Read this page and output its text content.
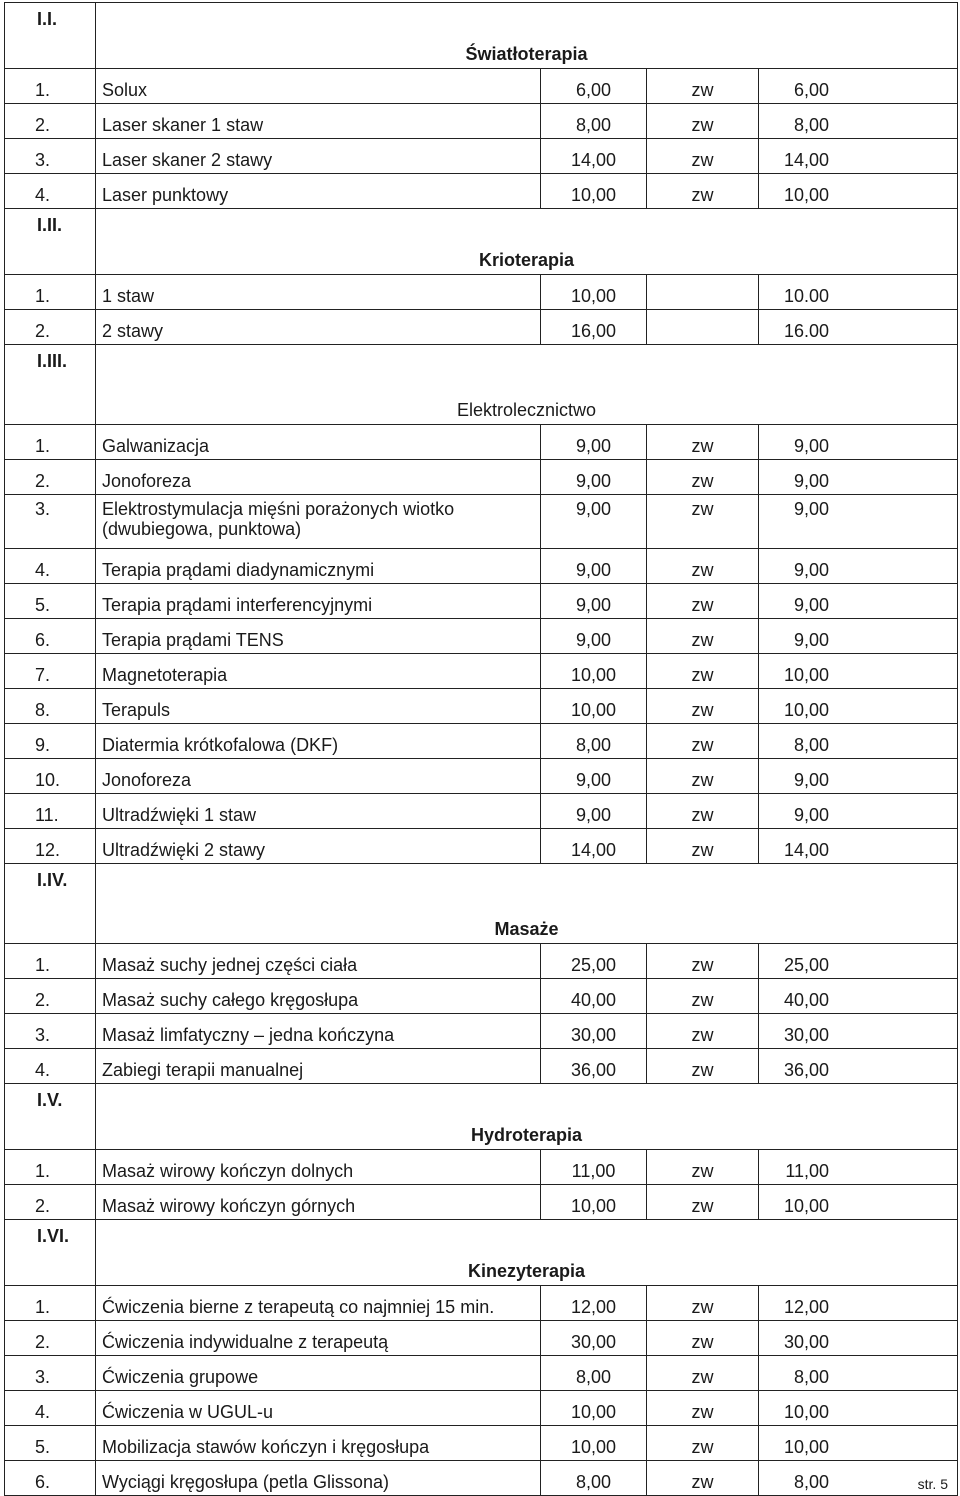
I.I.	Światłoterapia			
1.	Solux	6,00	zw	6,00
2.	Laser skaner 1 staw	8,00	zw	8,00
3.	Laser skaner 2 stawy	14,00	zw	14,00
4.	Laser punktowy	10,00	zw	10,00
I.II.	Krioterapia			
1.	1 staw	10,00		10.00
2.	2 stawy	16,00		16.00
I.III.	Elektrolecznictwo			
1.	Galwanizacja	9,00	zw	9,00
2.	Jonoforeza	9,00	zw	9,00
3.	Elektrostymulacja mięśni porażonych wiotko (dwubiegowa, punktowa)	9,00	zw	9,00
4.	Terapia prądami diadynamicznymi	9,00	zw	9,00
5.	Terapia prądami interferencyjnymi	9,00	zw	9,00
6.	Terapia prądami TENS	9,00	zw	9,00
7.	Magnetoterapia	10,00	zw	10,00
8.	Terapuls	10,00	zw	10,00
9.	Diatermia krótkofalowa (DKF)	8,00	zw	8,00
10.	Jonoforeza	9,00	zw	9,00
11.	Ultradźwięki 1 staw	9,00	zw	9,00
12.	Ultradźwięki 2 stawy	14,00	zw	14,00
I.IV.	Masaże			
1.	Masaż suchy jednej części ciała	25,00	zw	25,00
2.	Masaż suchy całego kręgosłupa	40,00	zw	40,00
3.	Masaż limfatyczny – jedna kończyna	30,00	zw	30,00
4.	Zabiegi terapii manualnej	36,00	zw	36,00
I.V.	Hydroterapia			
1.	Masaż wirowy kończyn dolnych	11,00	zw	11,00
2.	Masaż wirowy kończyn górnych	10,00	zw	10,00
I.VI.	Kinezyterapia			
1.	Ćwiczenia bierne z terapeutą co najmniej 15 min.	12,00	zw	12,00
2.	Ćwiczenia indywidualne z terapeutą	30,00	zw	30,00
3.	Ćwiczenia grupowe	8,00	zw	8,00
4.	Ćwiczenia w UGUL-u	10,00	zw	10,00
5.	Mobilizacja stawów kończyn i kręgosłupa	10,00	zw	10,00
6.	Wyciągi kręgosłupa (petla Glissona)	8,00	zw	8,00	str. 5
